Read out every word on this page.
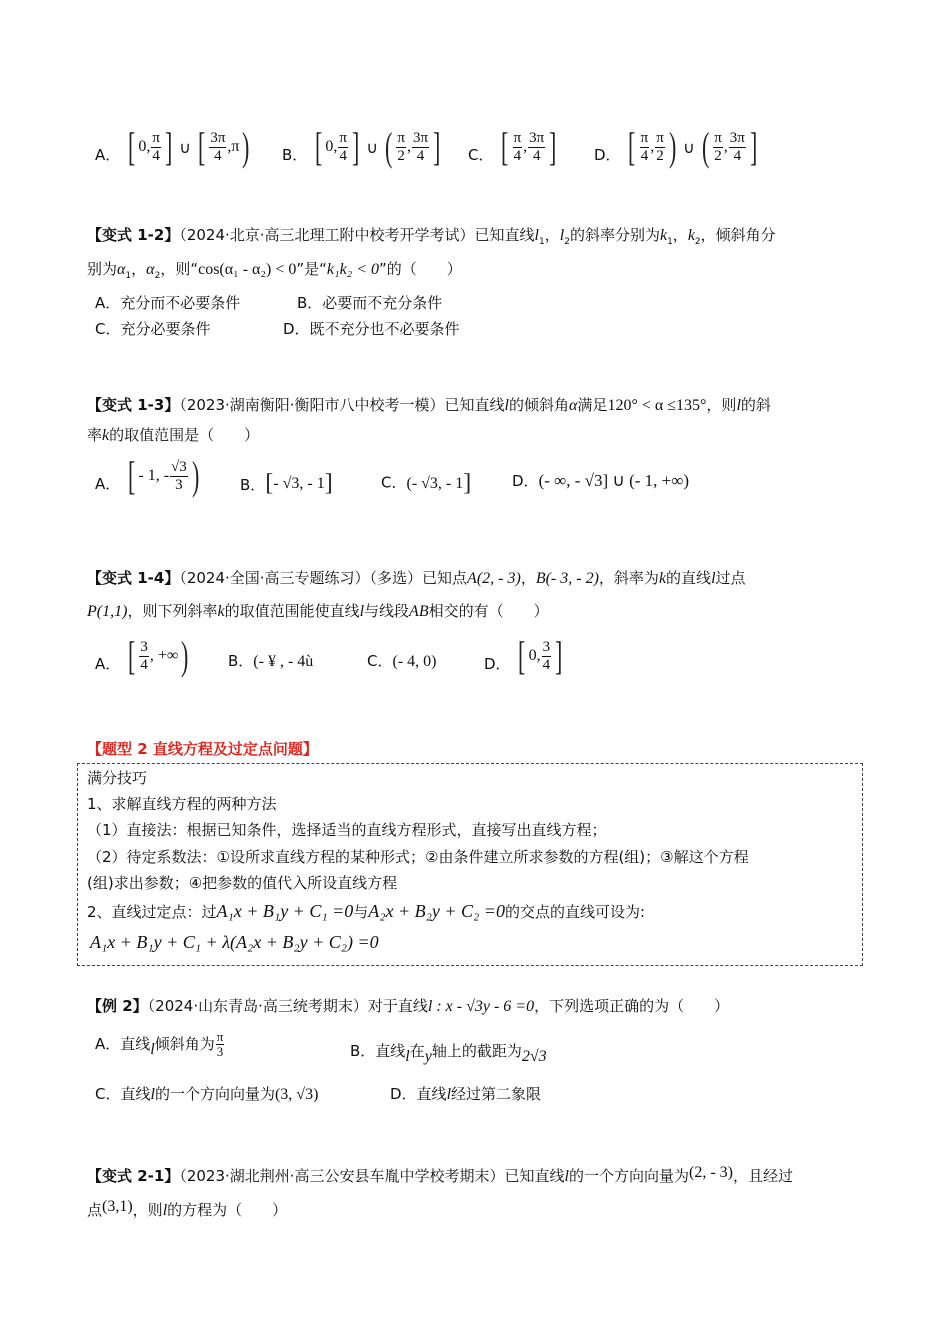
A． [ 0, $\frac{\pi}{4}$ ] ∪ [ $\frac{3\pi}{4} ,\pi$ ) B． [ 0, $\frac{\pi}{4}$ ] ∪ ( $\frac{\pi}{2}$ , $\frac{3\pi}{4}$ ] C． [ $\frac{\pi}{4}$ , $\frac{3\pi}{4}$ ] D． [ $\frac{\pi}{4}$ , $\frac{\pi}{2}$ ) ∪ ( $\frac{\pi}{2}$ , $\frac{3\pi}{4}$ ]
【变式 1-2】（2024·北京·高三北理工附中校考开学考试）已知直线$l_1$，$l_2$的斜率分别为$k_1$，$k_2$，倾斜角分
别为$\alpha_1$，$\alpha_2$，则“cos(α₁ - α₂) < 0”是“k₁k₂ < 0”的（　　）
A．充分而不必要条件	B．必要而不充分条件
C．充分必要条件	D．既不充分也不必要条件
【变式 1-3】（2023·湖南衡阳·衡阳市八中校考一模）已知直线l的倾斜角α满足120° < α ≤135°，则l的斜
率k的取值范围是（　　）
A． [ - 1, - $\frac{√3}{3}$ )	B． [ - √3, - 1 ]	C． (- √3, - 1 ]	D． (- ∞, - √3] ∪ (- 1, +∞)
【变式 1-4】（2024·全国·高三专题练习）（多选）已知点A(2, - 3)，B(- 3, - 2)，斜率为k的直线l过点
P(1,1)，则下列斜率k的取值范围能使直线l与线段AB相交的有（　　）
A． [ $\frac{3}{4}$ , +∞ )	B．(- ¥ , - 4ù	C．(- 4, 0)	D． [ 0, $\frac{3}{4}$ ]
【题型 2 直线方程及过定点问题】
满分技巧
1、求解直线方程的两种方法
（1）直接法：根据已知条件，选择适当的直线方程形式，直接写出直线方程；
（2）待定系数法：①设所求直线方程的某种形式；②由条件建立所求参数的方程(组)；③解这个方程
(组)求出参数；④把参数的值代入所设直线方程
2、直线过定点：过A₁x + B₁y + C₁ =0与A₂x + B₂y + C₂ =0的交点的直线可设为:
A₁x + B₁y + C₁ + λ(A₂x + B₂y + C₂) =0
【例 2】（2024·山东青岛·高三统考期末）对于直线l : x - √3y - 6 =0，下列选项正确的为（　　）
A．直线l倾斜角为 $\frac{\pi}{3}$	B．直线l在y轴上的截距为2√3
C．直线l的一个方向向量为(3, √3)	D．直线l经过第二象限
【变式 2-1】（2023·湖北荆州·高三公安县车胤中学校考期末）已知直线l的一个方向向量为(2, - 3)，且经过
点(3,1)，则l的方程为（　　）
